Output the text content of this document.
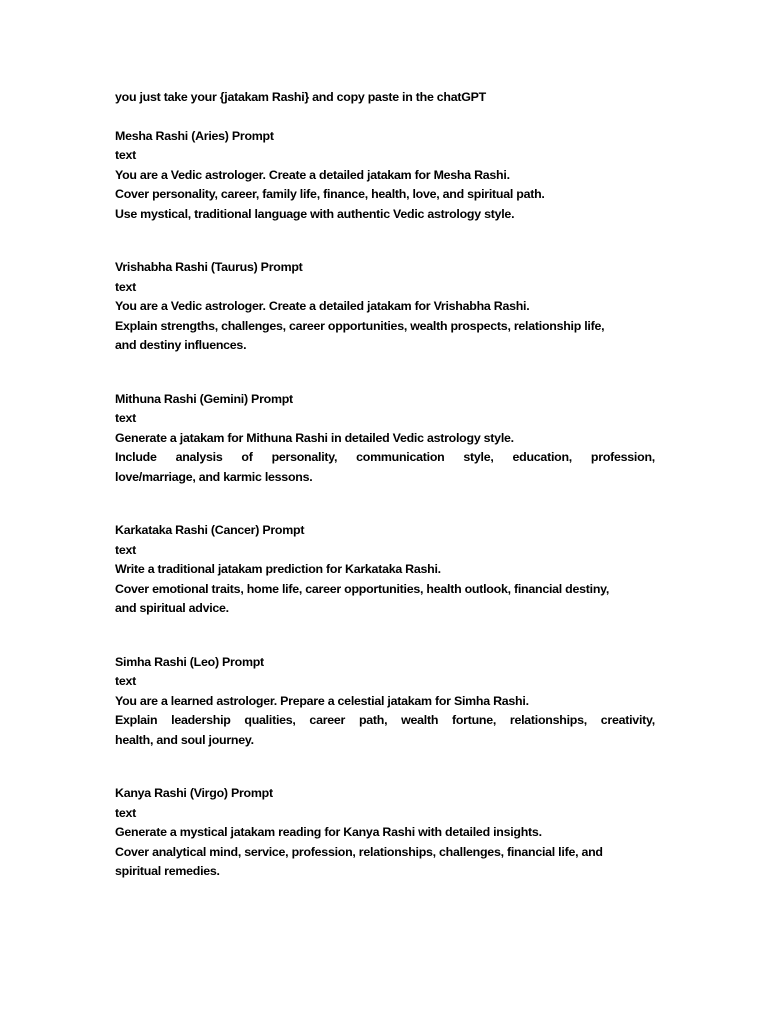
you just take your {jatakam Rashi} and copy paste in the chatGPT
Mesha Rashi (Aries) Prompt
text
You are a Vedic astrologer. Create a detailed jatakam for Mesha Rashi.
Cover personality, career, family life, finance, health, love, and spiritual path.
Use mystical, traditional language with authentic Vedic astrology style.
Vrishabha Rashi (Taurus) Prompt
text
You are a Vedic astrologer. Create a detailed jatakam for Vrishabha Rashi.
Explain strengths, challenges, career opportunities, wealth prospects, relationship life,
and destiny influences.
Mithuna Rashi (Gemini) Prompt
text
Generate a jatakam for Mithuna Rashi in detailed Vedic astrology style.
Include analysis of personality, communication style, education, profession,
love/marriage, and karmic lessons.
Karkataka Rashi (Cancer) Prompt
text
Write a traditional jatakam prediction for Karkataka Rashi.
Cover emotional traits, home life, career opportunities, health outlook, financial destiny,
and spiritual advice.
Simha Rashi (Leo) Prompt
text
You are a learned astrologer. Prepare a celestial jatakam for Simha Rashi.
Explain leadership qualities, career path, wealth fortune, relationships, creativity,
health, and soul journey.
Kanya Rashi (Virgo) Prompt
text
Generate a mystical jatakam reading for Kanya Rashi with detailed insights.
Cover analytical mind, service, profession, relationships, challenges, financial life, and
spiritual remedies.
